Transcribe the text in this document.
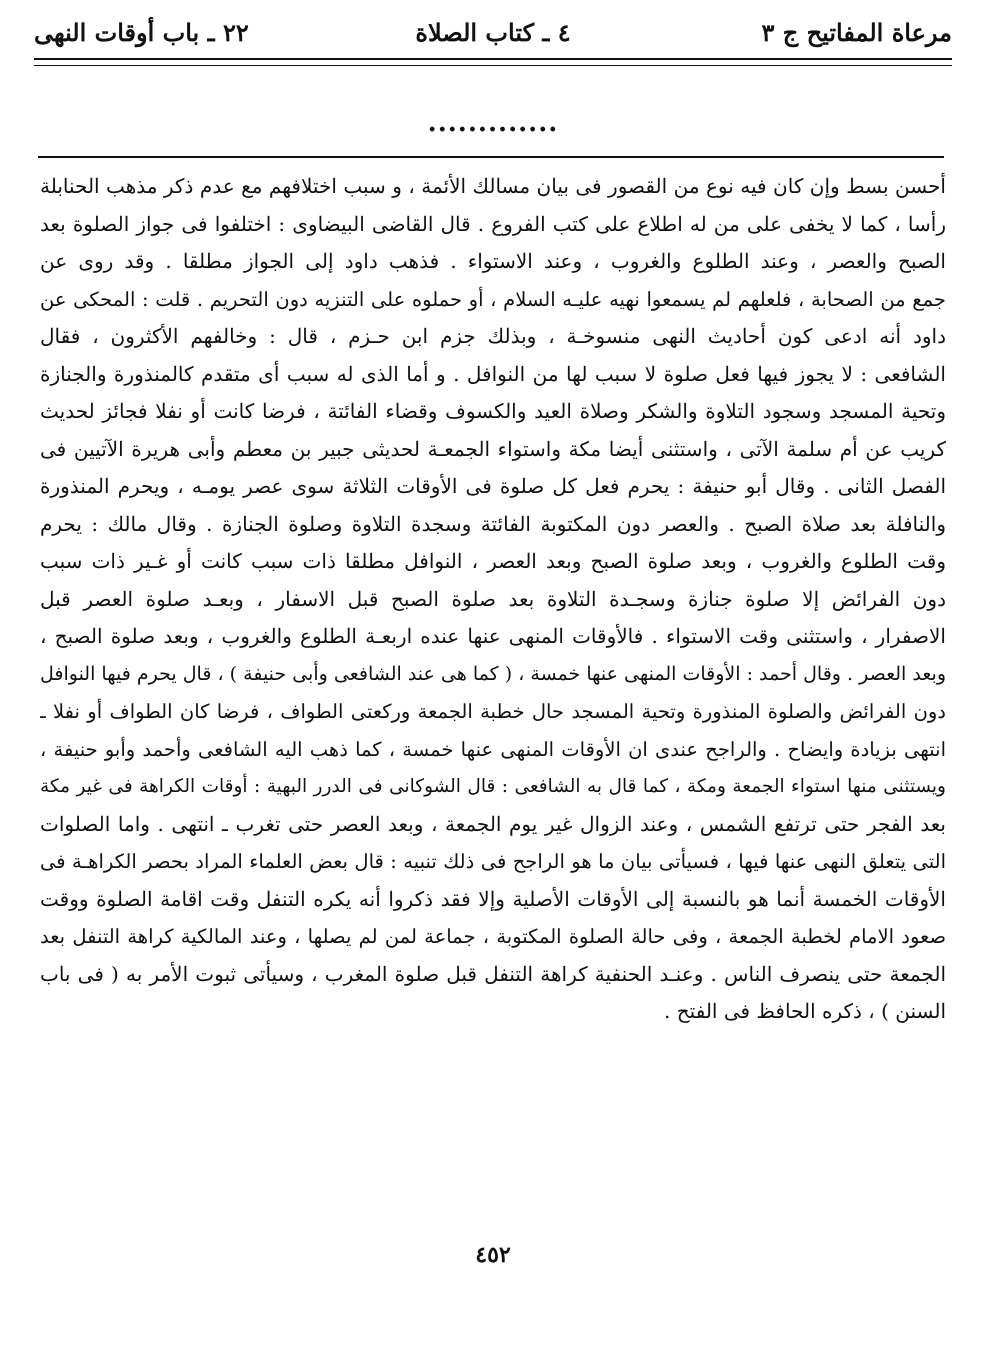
مرعاة المفاتيح ج ٣
٤ ـ كتاب الصلاة
٢٢ ـ باب أوقات النهى
.............
أحسن بسط وإن كان فيه نوع من القصور فى بيان مسالك الأئمة ، و سبب اختلافهم مع عدم ذكر مذهب الحنابلة
رأسا ، كما لا يخفى على من له اطلاع على كتب الفروع . قال القاضى البيضاوى : اختلفوا فى جواز الصلوة بعد
الصبح والعصر ، وعند الطلوع والغروب ، وعند الاستواء . فذهب داود إلى الجواز مطلقا . وقد روى عن
جمع من الصحابة ، فلعلهم لم يسمعوا نهيه عليـه السلام ، أو حملوه على التنزيه دون التحريم . قلت : المحكى عن
داود أنه ادعى كون أحاديث النهى منسوخـة ، وبذلك جزم ابن حـزم ، قال : وخالفهم الأكثرون ، فقال
الشافعى : لا يجوز فيها فعل صلوة لا سبب لها من النوافل . و أما الذى له سبب أى متقدم كالمنذورة والجنازة
وتحية المسجد وسجود التلاوة والشكر وصلاة العيد والكسوف وقضاء الفائتة ، فرضا كانت أو نفلا فجائز لحديث
كريب عن أم سلمة الآتى ، واستثنى أيضا مكة واستواء الجمعـة لحديثى جبير بن معطم وأبى هريرة الآتيين فى
الفصل الثانى . وقال أبو حنيفة : يحرم فعل كل صلوة فى الأوقات الثلاثة سوى عصر يومـه ، ويحرم المنذورة
والنافلة بعد صلاة الصبح . والعصر دون المكتوبة الفائتة وسجدة التلاوة وصلوة الجنازة . وقال مالك : يحرم
وقت الطلوع والغروب ، وبعد صلوة الصبح وبعد العصر ، النوافل مطلقا ذات سبب كانت أو غـير ذات سبب
دون الفرائض إلا صلوة جنازة وسجـدة التلاوة بعد صلوة الصبح قبل الاسفار ، وبعـد صلوة العصر قبل
الاصفرار ، واستثنى وقت الاستواء . فالأوقات المنهى عنها عنده اربعـة الطلوع والغروب ، وبعد صلوة الصبح ،
وبعد العصر . وقال أحمد : الأوقات المنهى عنها خمسة ، ( كما هى عند الشافعى وأبى حنيفة ) ، قال يحرم فيها النوافل
دون الفرائض والصلوة المنذورة وتحية المسجد حال خطبة الجمعة وركعتى الطواف ، فرضا كان الطواف أو نفلا ـ
انتهى بزيادة وايضاح . والراجح عندى ان الأوقات المنهى عنها خمسة ، كما ذهب اليه الشافعى وأحمد وأبو حنيفة ،
ويستثنى منها استواء الجمعة ومكة ، كما قال به الشافعى : قال الشوكانى فى الدرر البهية : أوقات الكراهة فى غير مكة
بعد الفجر حتى ترتفع الشمس ، وعند الزوال غير يوم الجمعة ، وبعد العصر حتى تغرب ـ انتهى . واما الصلوات
التى يتعلق النهى عنها فيها ، فسيأتى بيان ما هو الراجح فى ذلك تنبيه : قال بعض العلماء المراد بحصر الكراهـة فى
الأوقات الخمسة أنما هو بالنسبة إلى الأوقات الأصلية وإلا فقد ذكروا أنه يكره التنفل وقت اقامة الصلوة ووقت
صعود الامام لخطبة الجمعة ، وفى حالة الصلوة المكتوبة ، جماعة لمن لم يصلها ، وعند المالكية كراهة التنفل بعد
الجمعة حتى ينصرف الناس . وعنـد الحنفية كراهة التنفل قبل صلوة المغرب ، وسيأتى ثبوت الأمر به ( فى باب
السنن ) ، ذكره الحافظ فى الفتح .
٤٥٢
